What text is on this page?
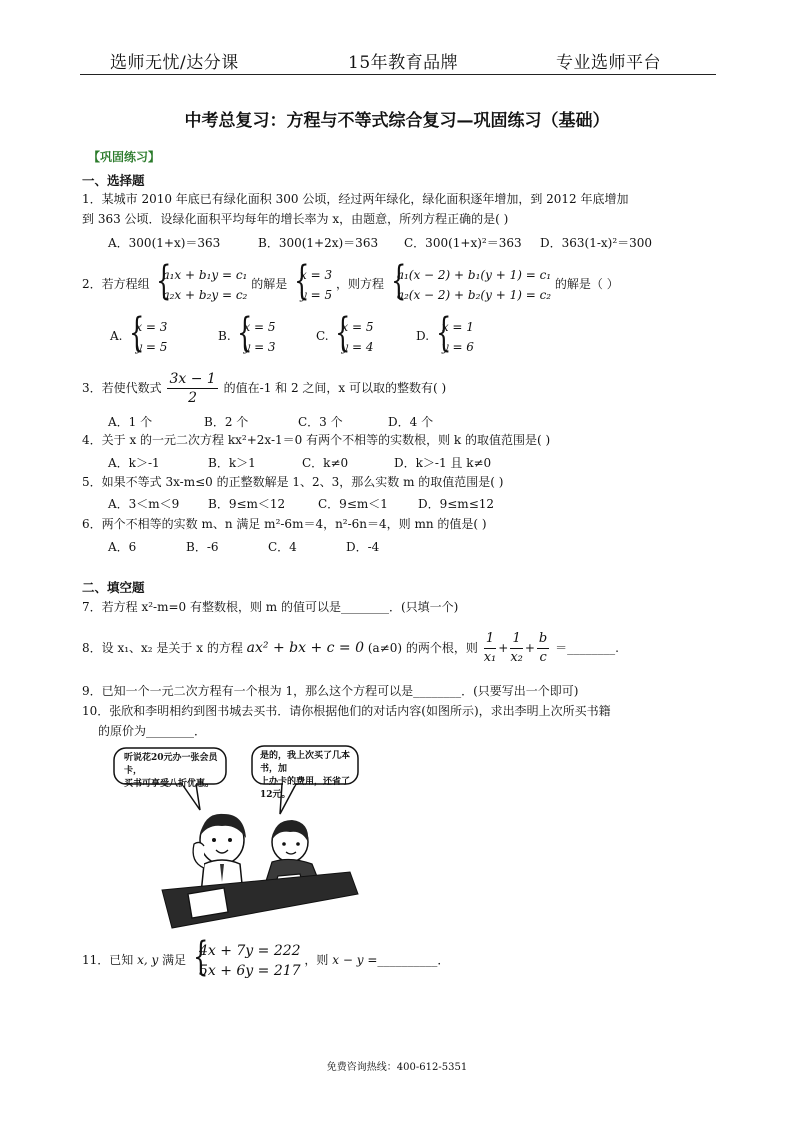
选师无忧/达分课	15年教育品牌	专业选师平台
中考总复习：方程与不等式综合复习—巩固练习（基础）
【巩固练习】
一、选择题
1．某城市 2010 年底已有绿化面积 300 公顷，经过两年绿化，绿化面积逐年增加，到 2012 年底增加
到 363 公顷．设绿化面积平均每年的增长率为 x，由题意，所列方程正确的是( )
A．300(1+x)＝363	B．300(1+2x)＝363 C．300(1+x)²＝363 D．363(1-x)²＝300
2．若方程组
{ a₁x + b₁y = c₁
a₂x + b₂y = c₂
的解是
{ x = 3
y = 5
，则方程
{ a₁(x − 2) + b₁(y + 1) = c₁
a₂(x − 2) + b₂(y + 1) = c₂
的解是（ ）
A.
{ x = 3
y = 5
B.
{ x = 5
y = 3
C.
{ x = 5
y = 4
D.
{ x = 1
y = 6
3．若使代数式 $\frac{3x - 1}{2}$ 的值在-1 和 2 之间，x 可以取的整数有( )
A．1 个	B．2 个	C．3 个	D．4 个
4．关于 x 的一元二次方程 kx²+2x-1＝0 有两个不相等的实数根，则 k 的取值范围是( )
A．k＞-1	B．k＞1	C．k≠0	D．k＞-1 且 k≠0
5．如果不等式 3x-m≤0 的正整数解是 1、2、3，那么实数 m 的取值范围是( )
A．3＜m＜9 B．9≤m＜12	C．9≤m＜1	D．9≤m≤12
6．两个不相等的实数 m、n 满足 m²-6m＝4，n²-6n＝4，则 mn 的值是( )
A．6	B．-6	C．4	D．-4
二、填空题
7．若方程 x²-m=0 有整数根，则 m 的值可以是________．(只填一个)
8．设 x₁、x₂ 是关于 x 的方程 ax² + bx + c = 0 (a≠0) 的两个根，则 $\frac{1}{\text{x₁}} + \frac{1}{\text{x₂}} + \frac{b}{c}$ ＝________.
9．已知一个一元二次方程有一个根为 1，那么这个方程可以是________．(只要写出一个即可)
10．张欣和李明相约到图书城去买书．请你根据他们的对话内容(如图所示)，求出李明上次所买书籍
的原价为________．
听说花20元办一张会员卡，
买书可享受八折优惠。
是的，我上次买了几本书，加
上办卡的费用，还省了12元。
11．已知 x, y 满足
{ 4x + 7y = 222
5x + 6y = 217
，则 x − y =__________．
免费咨询热线：400-612-5351
